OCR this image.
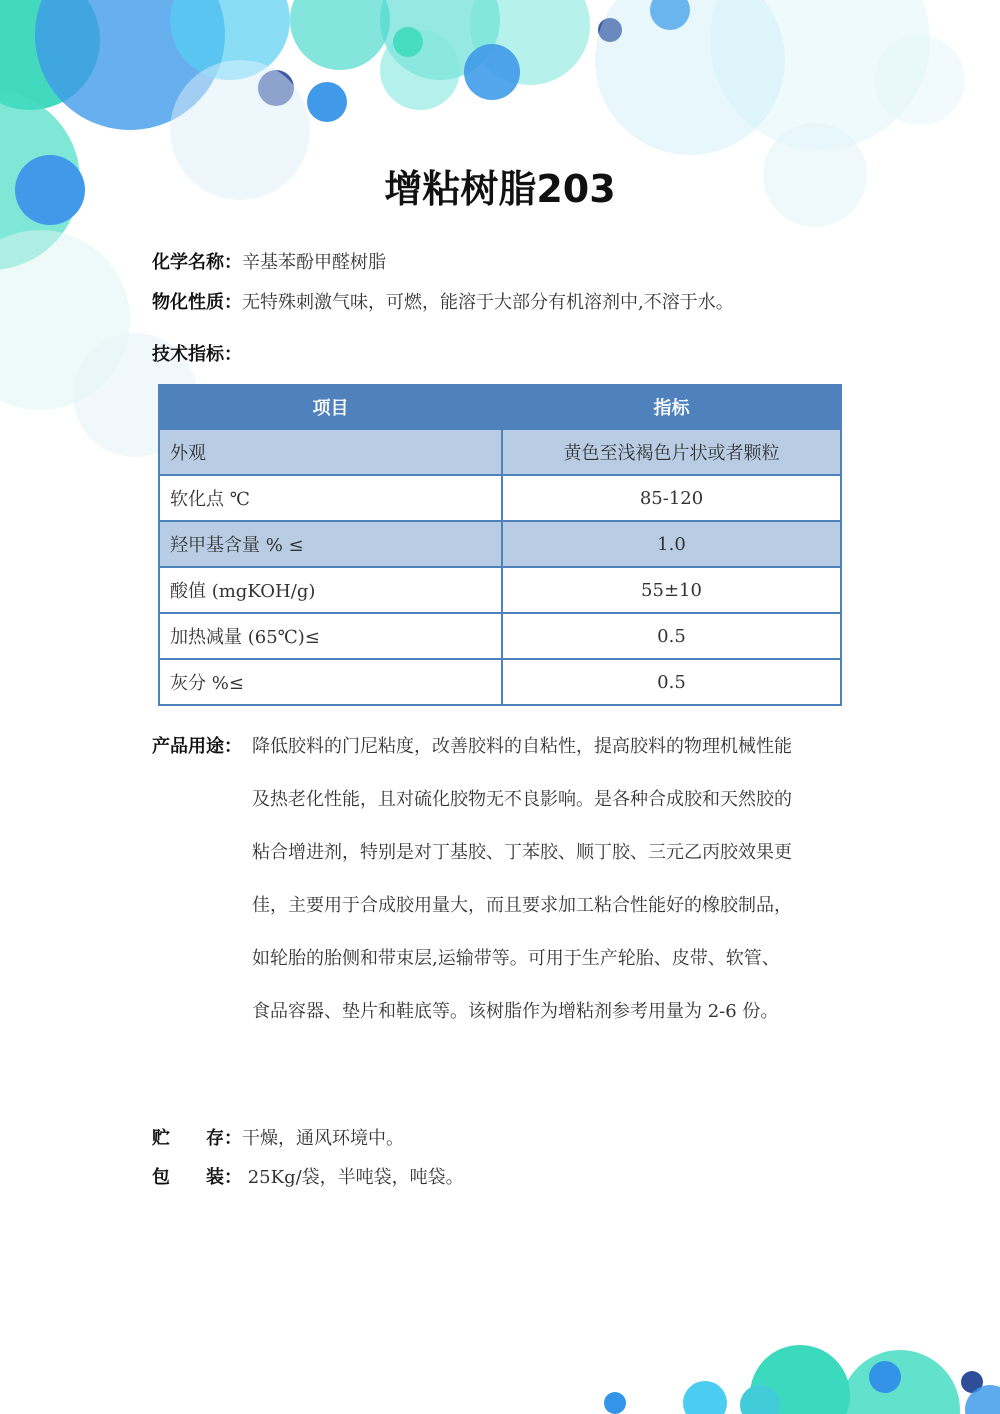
增粘树脂203
化学名称：辛基苯酚甲醛树脂
物化性质：无特殊刺激气味，可燃，能溶于大部分有机溶剂中,不溶于水。
技术指标：
项目	指标
外观	黄色至浅褐色片状或者颗粒
软化点 ℃	85-120
羟甲基含量 % ≤	1.0
酸值 (mgKOH/g)	55±10
加热减量 (65℃)≤	0.5
灰分 %≤	0.5
产品用途： 降低胶料的门尼粘度，改善胶料的自粘性，提高胶料的物理机械性能
及热老化性能，且对硫化胶物无不良影响。是各种合成胶和天然胶的
粘合增进剂，特别是对丁基胶、丁苯胶、顺丁胶、三元乙丙胶效果更
佳，主要用于合成胶用量大，而且要求加工粘合性能好的橡胶制品，
如轮胎的胎侧和带束层,运输带等。可用于生产轮胎、皮带、软管、
食品容器、垫片和鞋底等。该树脂作为增粘剂参考用量为 2-6 份。
贮　　存：干燥，通风环境中。
包　　装： 25Kg/袋，半吨袋，吨袋。
